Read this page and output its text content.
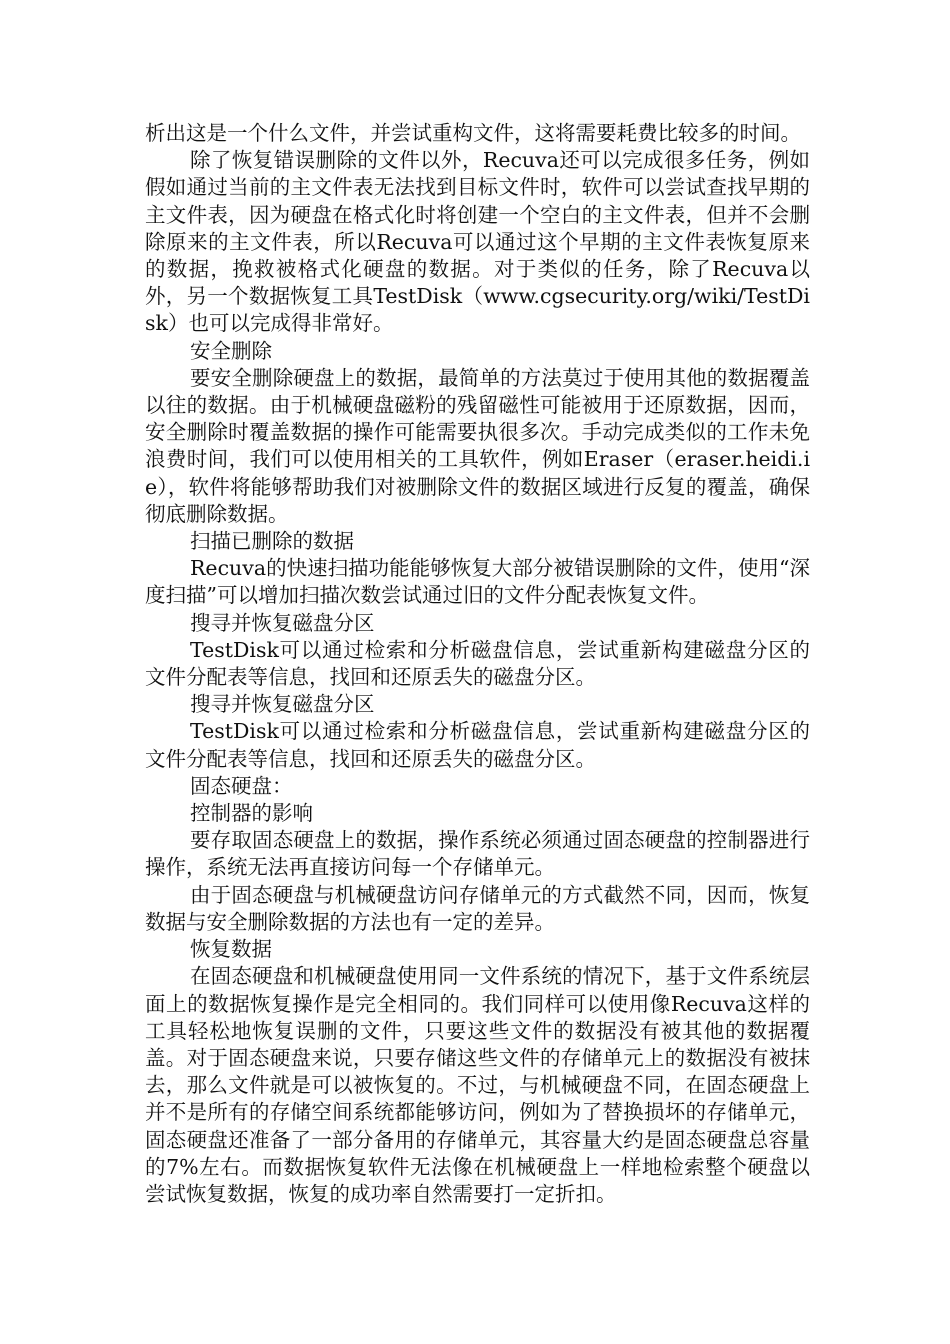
析出这是一个什么文件，并尝试重构文件，这将需要耗费比较多的时间。

除了恢复错误删除的文件以外，Recuva还可以完成很多任务，例如假如通过当前的主文件表无法找到目标文件时，软件可以尝试查找早期的主文件表，因为硬盘在格式化时将创建一个空白的主文件表，但并不会删除原来的主文件表，所以Recuva可以通过这个早期的主文件表恢复原来的数据，挽救被格式化硬盘的数据。对于类似的任务，除了Recuva以外，另一个数据恢复工具TestDisk（www.cgsecurity.org/wiki/TestDisk）也可以完成得非常好。

安全删除

要安全删除硬盘上的数据，最简单的方法莫过于使用其他的数据覆盖以往的数据。由于机械硬盘磁粉的残留磁性可能被用于还原数据，因而，安全删除时覆盖数据的操作可能需要执很多次。手动完成类似的工作未免浪费时间，我们可以使用相关的工具软件，例如Eraser（eraser.heidi.ie），软件将能够帮助我们对被删除文件的数据区域进行反复的覆盖，确保彻底删除数据。

扫描已删除的数据

Recuva的快速扫描功能能够恢复大部分被错误删除的文件，使用“深度扫描”可以增加扫描次数尝试通过旧的文件分配表恢复文件。

搜寻并恢复磁盘分区

TestDisk可以通过检索和分析磁盘信息，尝试重新构建磁盘分区的文件分配表等信息，找回和还原丢失的磁盘分区。

搜寻并恢复磁盘分区

TestDisk可以通过检索和分析磁盘信息，尝试重新构建磁盘分区的文件分配表等信息，找回和还原丢失的磁盘分区。

固态硬盘：

控制器的影响

要存取固态硬盘上的数据，操作系统必须通过固态硬盘的控制器进行操作，系统无法再直接访问每一个存储单元。

由于固态硬盘与机械硬盘访问存储单元的方式截然不同，因而，恢复数据与安全删除数据的方法也有一定的差异。

恢复数据

在固态硬盘和机械硬盘使用同一文件系统的情况下，基于文件系统层面上的数据恢复操作是完全相同的。我们同样可以使用像Recuva这样的工具轻松地恢复误删的文件，只要这些文件的数据没有被其他的数据覆盖。对于固态硬盘来说，只要存储这些文件的存储单元上的数据没有被抹去，那么文件就是可以被恢复的。不过，与机械硬盘不同，在固态硬盘上并不是所有的存储空间系统都能够访问，例如为了替换损坏的存储单元，固态硬盘还准备了一部分备用的存储单元，其容量大约是固态硬盘总容量的7%左右。而数据恢复软件无法像在机械硬盘上一样地检索整个硬盘以尝试恢复数据，恢复的成功率自然需要打一定折扣。
